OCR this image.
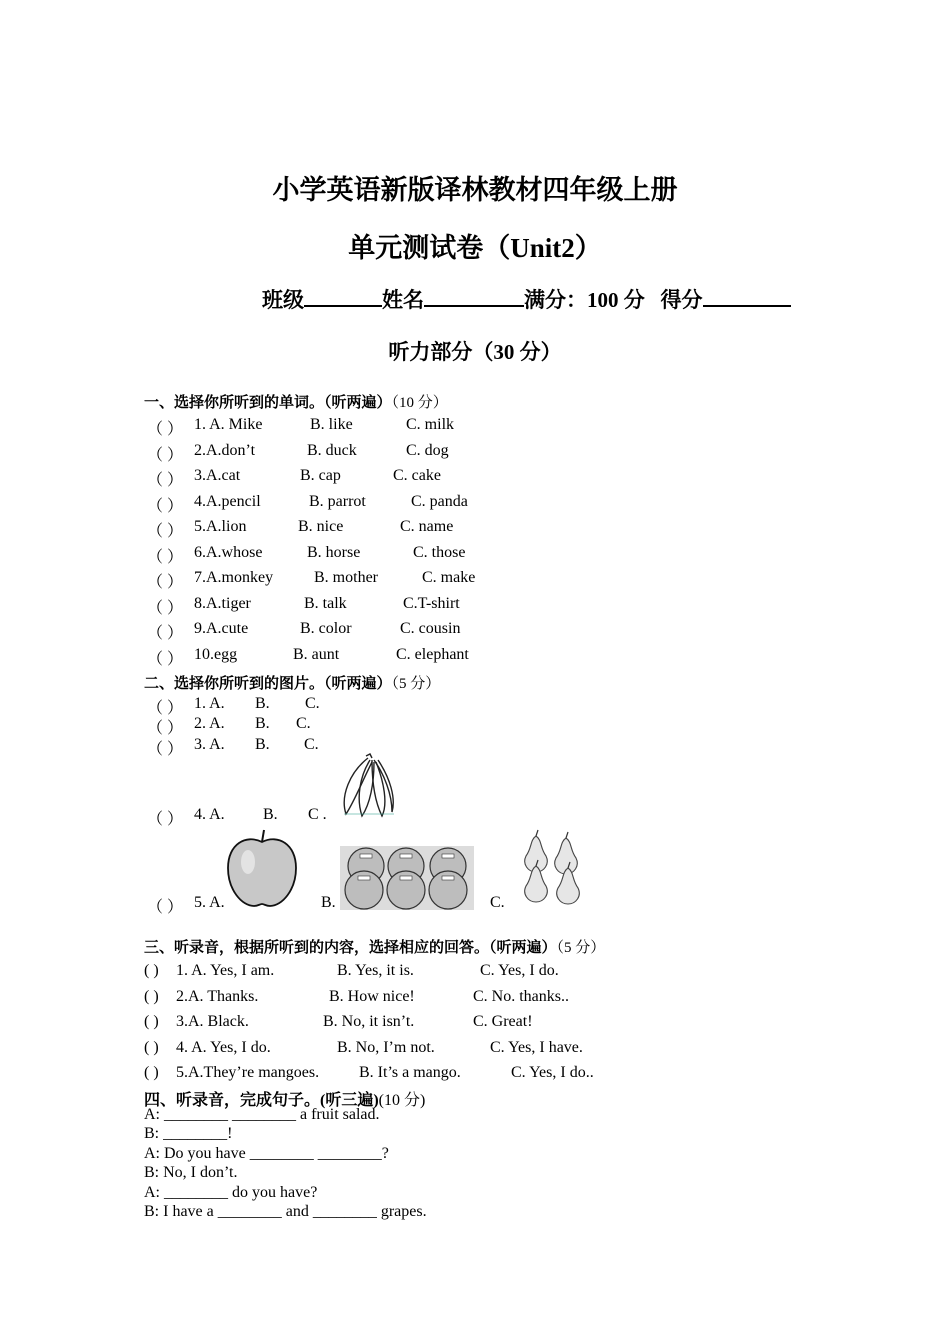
小学英语新版译林教材四年级上册
单元测试卷（Unit2）
班级	姓名	满分：100 分 得分
听力部分（30 分）
一、选择你所听到的单词。（听两遍）（10 分）
（ ） 1. A. Mike	B. like	C. milk
（ ） 2.A.don’t	B. duck	C. dog
（ ） 3.A.cat	B. cap	C. cake
（ ） 4.A.pencil	B. parrot	C. panda
（ ） 5.A.lion	B. nice	C. name
（ ） 6.A.whose	B. horse	C. those
（ ） 7.A.monkey	B. mother	C. make
（ ） 8.A.tiger	B. talk	C.T-shirt
（ ） 9.A.cute	B. color	C. cousin
（ ） 10.egg	B. aunt	C. elephant
二、选择你所听到的图片。（听两遍）（5 分）
（ ） 1. A. B. C.
（ ） 2. A. B. C.
（ ） 3. A. B. C.
（ ） 4. A. B. C .
（ ） 5. A.	B.	C.
三、听录音，根据所听到的内容，选择相应的回答。（听两遍）（5 分）
( ) 1. A. Yes, I am.	B. Yes, it is.	C. Yes, I do.
( ) 2.A. Thanks.	B. How nice!	C. No. thanks..
( ) 3.A. Black.	B. No, it isn’t.	C. Great!
( ) 4. A. Yes, I do.	B. No, I’m not.	C. Yes, I have.
( ) 5.A.They’re mangoes. B. It’s a mango.	C. Yes, I do..
四、听录音，完成句子。(听三遍)(10 分)
A: ________ ________ a fruit salad.
B: ________!
A: Do you have ________ ________?
B: No, I don’t.
A: ________ do you have?
B: I have a ________ and ________ grapes.
